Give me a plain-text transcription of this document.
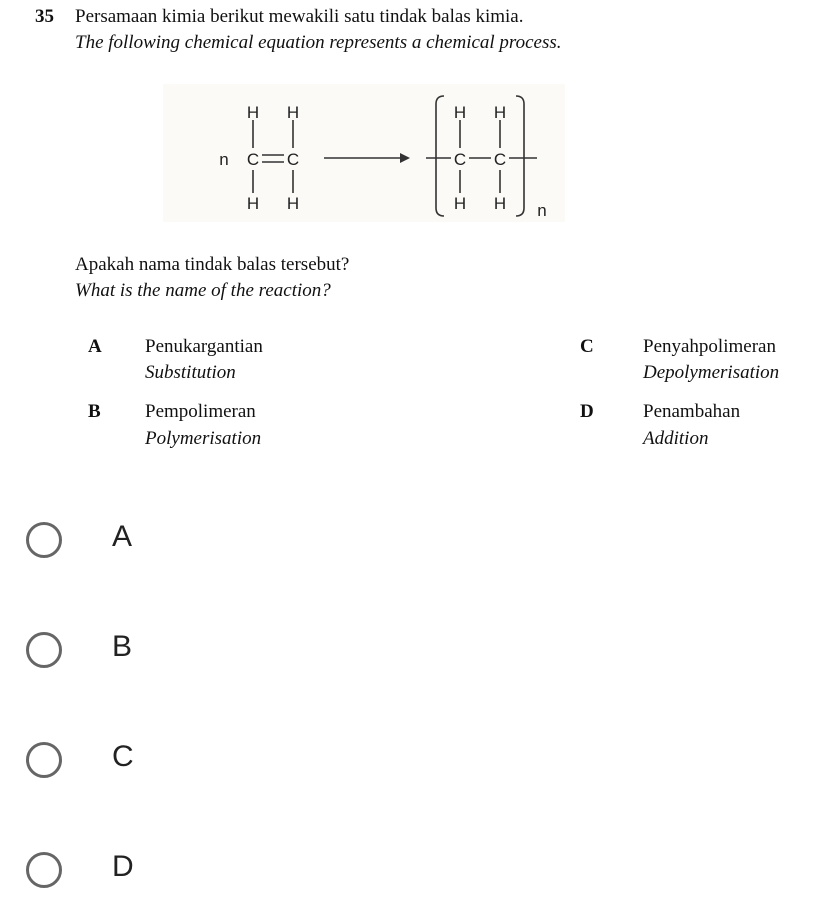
35 Persamaan kimia berikut mewakili satu tindak balas kimia.
The following chemical equation represents a chemical process.
n
H H
C C
H H
H H
C C
H H n
Apakah nama tindak balas tersebut?
What is the name of the reaction?
A Penukargantian
Substitution
B Pempolimeran
Polymerisation
C	Penyahpolimeran
Depolymerisation
D	Penambahan
Addition
A
B
C
D
